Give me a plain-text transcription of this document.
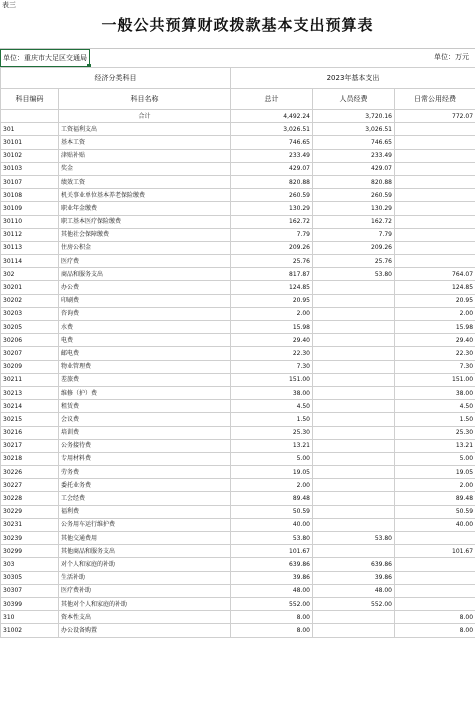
表三
一般公共预算财政拨款基本支出预算表
单位：重庆市大足区交通局	单位：万元
经济分类科目		2023年基本支出		
科目编码	科目名称	总计	人员经费	日常公用经费
	合计	4,492.24	3,720.16	772.07
301	工资福利支出	3,026.51	3,026.51	
30101	基本工资	746.65	746.65	
30102	津贴补贴	233.49	233.49	
30103	奖金	429.07	429.07	
30107	绩效工资	820.88	820.88	
30108	机关事业单位基本养老保险缴费	260.59	260.59	
30109	职业年金缴费	130.29	130.29	
30110	职工基本医疗保险缴费	162.72	162.72	
30112	其他社会保障缴费	7.79	7.79	
30113	住房公积金	209.26	209.26	
30114	医疗费	25.76	25.76	
302	商品和服务支出	817.87	53.80	764.07
30201	办公费	124.85		124.85
30202	印刷费	20.95		20.95
30203	咨询费	2.00		2.00
30205	水费	15.98		15.98
30206	电费	29.40		29.40
30207	邮电费	22.30		22.30
30209	物业管理费	7.30		7.30
30211	差旅费	151.00		151.00
30213	维修（护）费	38.00		38.00
30214	租赁费	4.50		4.50
30215	会议费	1.50		1.50
30216	培训费	25.30		25.30
30217	公务接待费	13.21		13.21
30218	专用材料费	5.00		5.00
30226	劳务费	19.05		19.05
30227	委托业务费	2.00		2.00
30228	工会经费	89.48		89.48
30229	福利费	50.59		50.59
30231	公务用车运行维护费	40.00		40.00
30239	其他交通费用	53.80	53.80	
30299	其他商品和服务支出	101.67		101.67
303	对个人和家庭的补助	639.86	639.86	
30305	生活补助	39.86	39.86	
30307	医疗费补助	48.00	48.00	
30399	其他对个人和家庭的补助	552.00	552.00	
310	资本性支出	8.00		8.00
31002	办公设备购置	8.00		8.00
